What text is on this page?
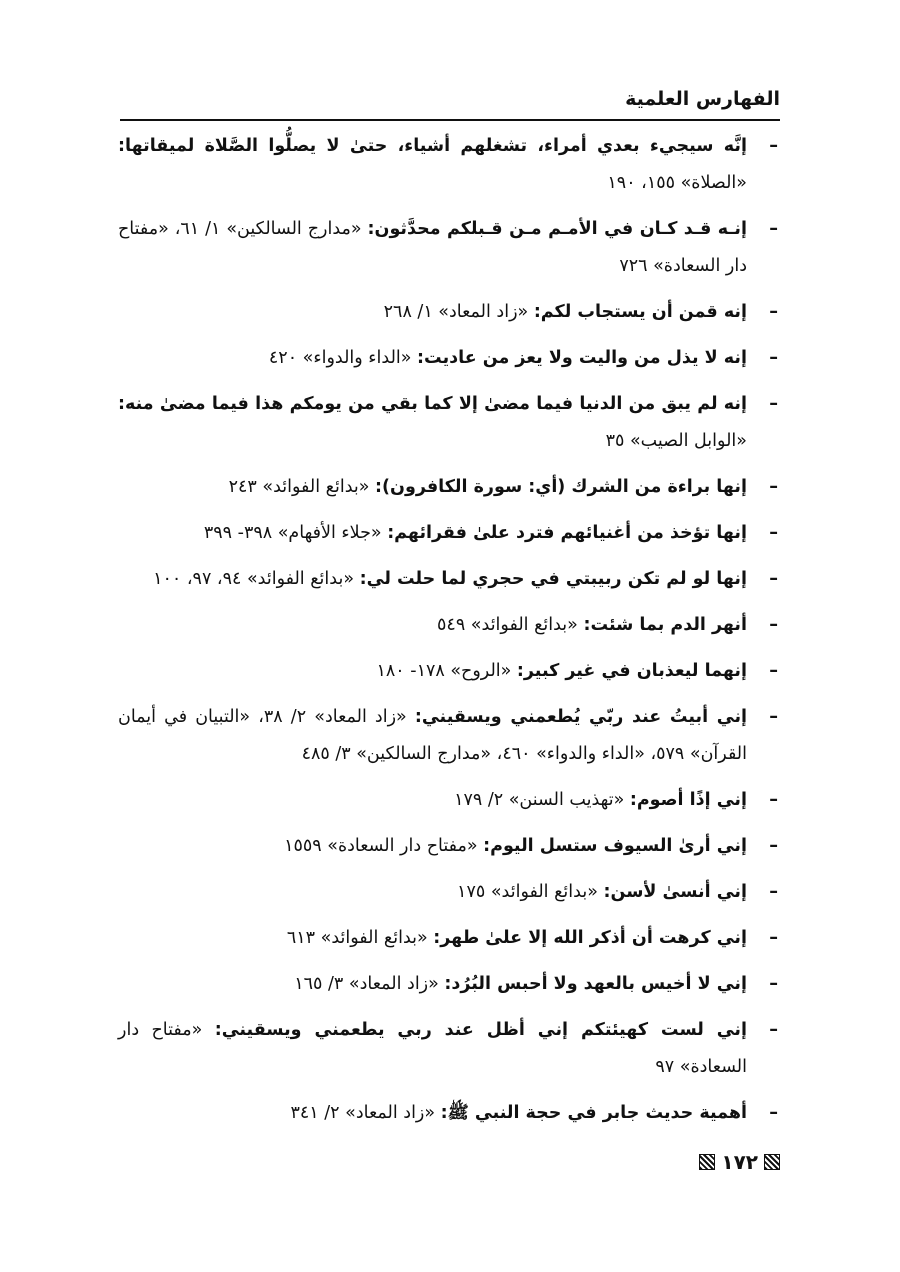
الفهارس العلمية
–
إنَّه سيجيء بعدي أمراء، تشغلهم أشياء، حتىٰ لا يصلُّوا الصَّلاة لميقاتها: «الصلاة» ١٥٥، ١٩٠
–
إنـه قـد كـان في الأمـم مـن قـبلكم محدَّثون: «مدارج السالكين» ١/ ٦١، «مفتاح دار السعادة» ٧٢٦
–
إنه قمن أن يستجاب لكم: «زاد المعاد» ١/ ٢٦٨
–
إنه لا يذل من واليت ولا يعز من عاديت: «الداء والدواء» ٤٢٠
–
إنه لم يبق من الدنيا فيما مضىٰ إلا كما بقي من يومكم هذا فيما مضىٰ منه: «الوابل الصيب» ٣٥
–
إنها براءة من الشرك (أي: سورة الكافرون): «بدائع الفوائد» ٢٤٣
–
إنها تؤخذ من أغنيائهم فترد علىٰ فقرائهم: «جلاء الأفهام» ٣٩٨- ٣٩٩
–
إنها لو لم تكن ربيبتي في حجري لما حلت لي: «بدائع الفوائد» ٩٤، ٩٧، ١٠٠
–
أنهر الدم بما شئت: «بدائع الفوائد» ٥٤٩
–
إنهما ليعذبان في غير كبير: «الروح» ١٧٨- ١٨٠
–
إني أبيتُ عند ربّي يُطعمني ويسقيني: «زاد المعاد» ٢/ ٣٨، «التبيان في أيمان القرآن» ٥٧٩، «الداء والدواء» ٤٦٠، «مدارج السالكين» ٣/ ٤٨٥
–
إني إذًا أصوم: «تهذيب السنن» ٢/ ١٧٩
–
إني أرىٰ السيوف ستسل اليوم: «مفتاح دار السعادة» ١٥٥٩
–
إني أنسىٰ لأسن: «بدائع الفوائد» ١٧٥
–
إني كرهت أن أذكر الله إلا علىٰ طهر: «بدائع الفوائد» ٦١٣
–
إني لا أخيس بالعهد ولا أحبس البُرُد: «زاد المعاد» ٣/ ١٦٥
–
إني لست كهيئتكم إني أظل عند ربي يطعمني ويسقيني: «مفتاح دار السعادة» ٩٧
–
أهمية حديث جابر في حجة النبي ﷺ: «زاد المعاد» ٢/ ٣٤١
١٧٢
